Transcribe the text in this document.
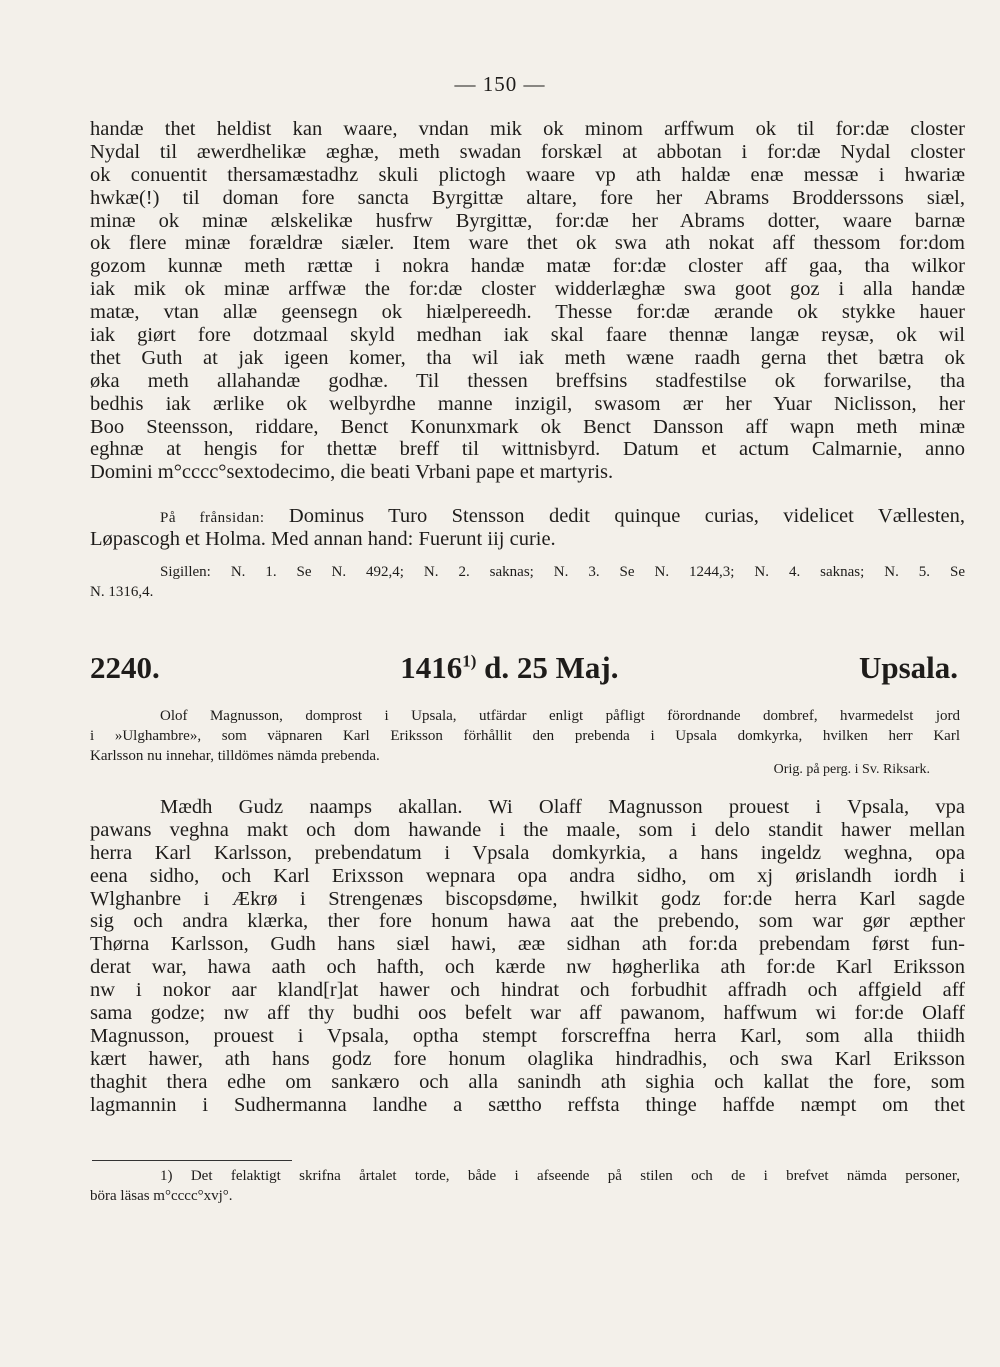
— 150 —
handæ thet heldist kan waare, vndan mik ok minom arffwum ok til for:dæ closter
Nydal til æwerdhelikæ æghæ, meth swadan forskæl at abbotan i for:dæ Nydal closter
ok conuentit thersamæstadhz skuli plictogh waare vp ath haldæ enæ messæ i hwariæ
hwkæ(!) til doman fore sancta Byrgittæ altare, fore her Abrams Brodderssons siæl,
minæ ok minæ ælskelikæ husfrw Byrgittæ, for:dæ her Abrams dotter, waare barnæ
ok flere minæ forældræ siæler. Item ware thet ok swa ath nokat aff thessom for:dom
gozom kunnæ meth rættæ i nokra handæ matæ for:dæ closter aff gaa, tha wilkor
iak mik ok minæ arffwæ the for:dæ closter widderlæghæ swa goot goz i alla handæ
matæ, vtan allæ geensegn ok hiælpereedh. Thesse for:dæ ærande ok stykke hauer
iak giørt fore dotzmaal skyld medhan iak skal faare thennæ langæ reysæ, ok wil
thet Guth at jak igeen komer, tha wil iak meth wæne raadh gerna thet bætra ok
øka meth allahandæ godhæ. Til thessen breffsins stadfestilse ok forwarilse, tha
bedhis iak ærlike ok welbyrdhe manne inzigil, swasom ær her Yuar Niclisson, her
Boo Steensson, riddare, Benct Konunxmark ok Benct Dansson aff wapn meth minæ
eghnæ at hengis for thettæ breff til wittnisbyrd. Datum et actum Calmarnie, anno
Domini m°cccc°sextodecimo, die beati Vrbani pape et martyris.
På frånsidan: Dominus Turo Stensson dedit quinque curias, videlicet Vællesten,
Løpascogh et Holma. Med annan hand: Fuerunt iij curie.
Sigillen: N. 1. Se N. 492,4; N. 2. saknas; N. 3. Se N. 1244,3; N. 4. saknas; N. 5. Se
N. 1316,4.
2240.	1416$^{1)}$ d. 25 Maj.	Upsala.
Olof Magnusson, domprost i Upsala, utfärdar enligt påfligt förordnande dombref, hvarmedelst jord
i »Ulghambre», som väpnaren Karl Eriksson förhållit den prebenda i Upsala domkyrka, hvilken herr Karl
Karlsson nu innehar, tilldömes nämda prebenda.
Orig. på perg. i Sv. Riksark.
Mædh Gudz naamps akallan. Wi Olaff Magnusson prouest i Vpsala, vpa
pawans veghna makt och dom hawande i the maale, som i delo standit hawer mellan
herra Karl Karlsson, prebendatum i Vpsala domkyrkia, a hans ingeldz weghna, opa
eena sidho, och Karl Erixsson wepnara opa andra sidho, om xj ørislandh iordh i
Wlghanbre i Ækrø i Strengenæs biscopsdøme, hwilkit godz for:de herra Karl sagde
sig och andra klærka, ther fore honum hawa aat the prebendo, som war gør æpther
Thørna Karlsson, Gudh hans siæl hawi, ææ sidhan ath for:da prebendam først fun-
derat war, hawa aath och hafth, och kærde nw høgherlika ath for:de Karl Eriksson
nw i nokor aar kland[r]at hawer och hindrat och forbudhit affradh och affgield aff
sama godze; nw aff thy budhi oos befelt war aff pawanom, haffwum wi for:de Olaff
Magnusson, prouest i Vpsala, optha stempt forscreffna herra Karl, som alla thiidh
kært hawer, ath hans godz fore honum olaglika hindradhis, och swa Karl Eriksson
thaghit thera edhe om sankæro och alla sanindh ath sighia och kallat the fore, som
lagmannin i Sudhermanna landhe a sættho reffsta thinge haffde næmpt om thet
1) Det felaktigt skrifna årtalet torde, både i afseende på stilen och de i brefvet nämda personer,
böra läsas m°cccc°xvj°.
